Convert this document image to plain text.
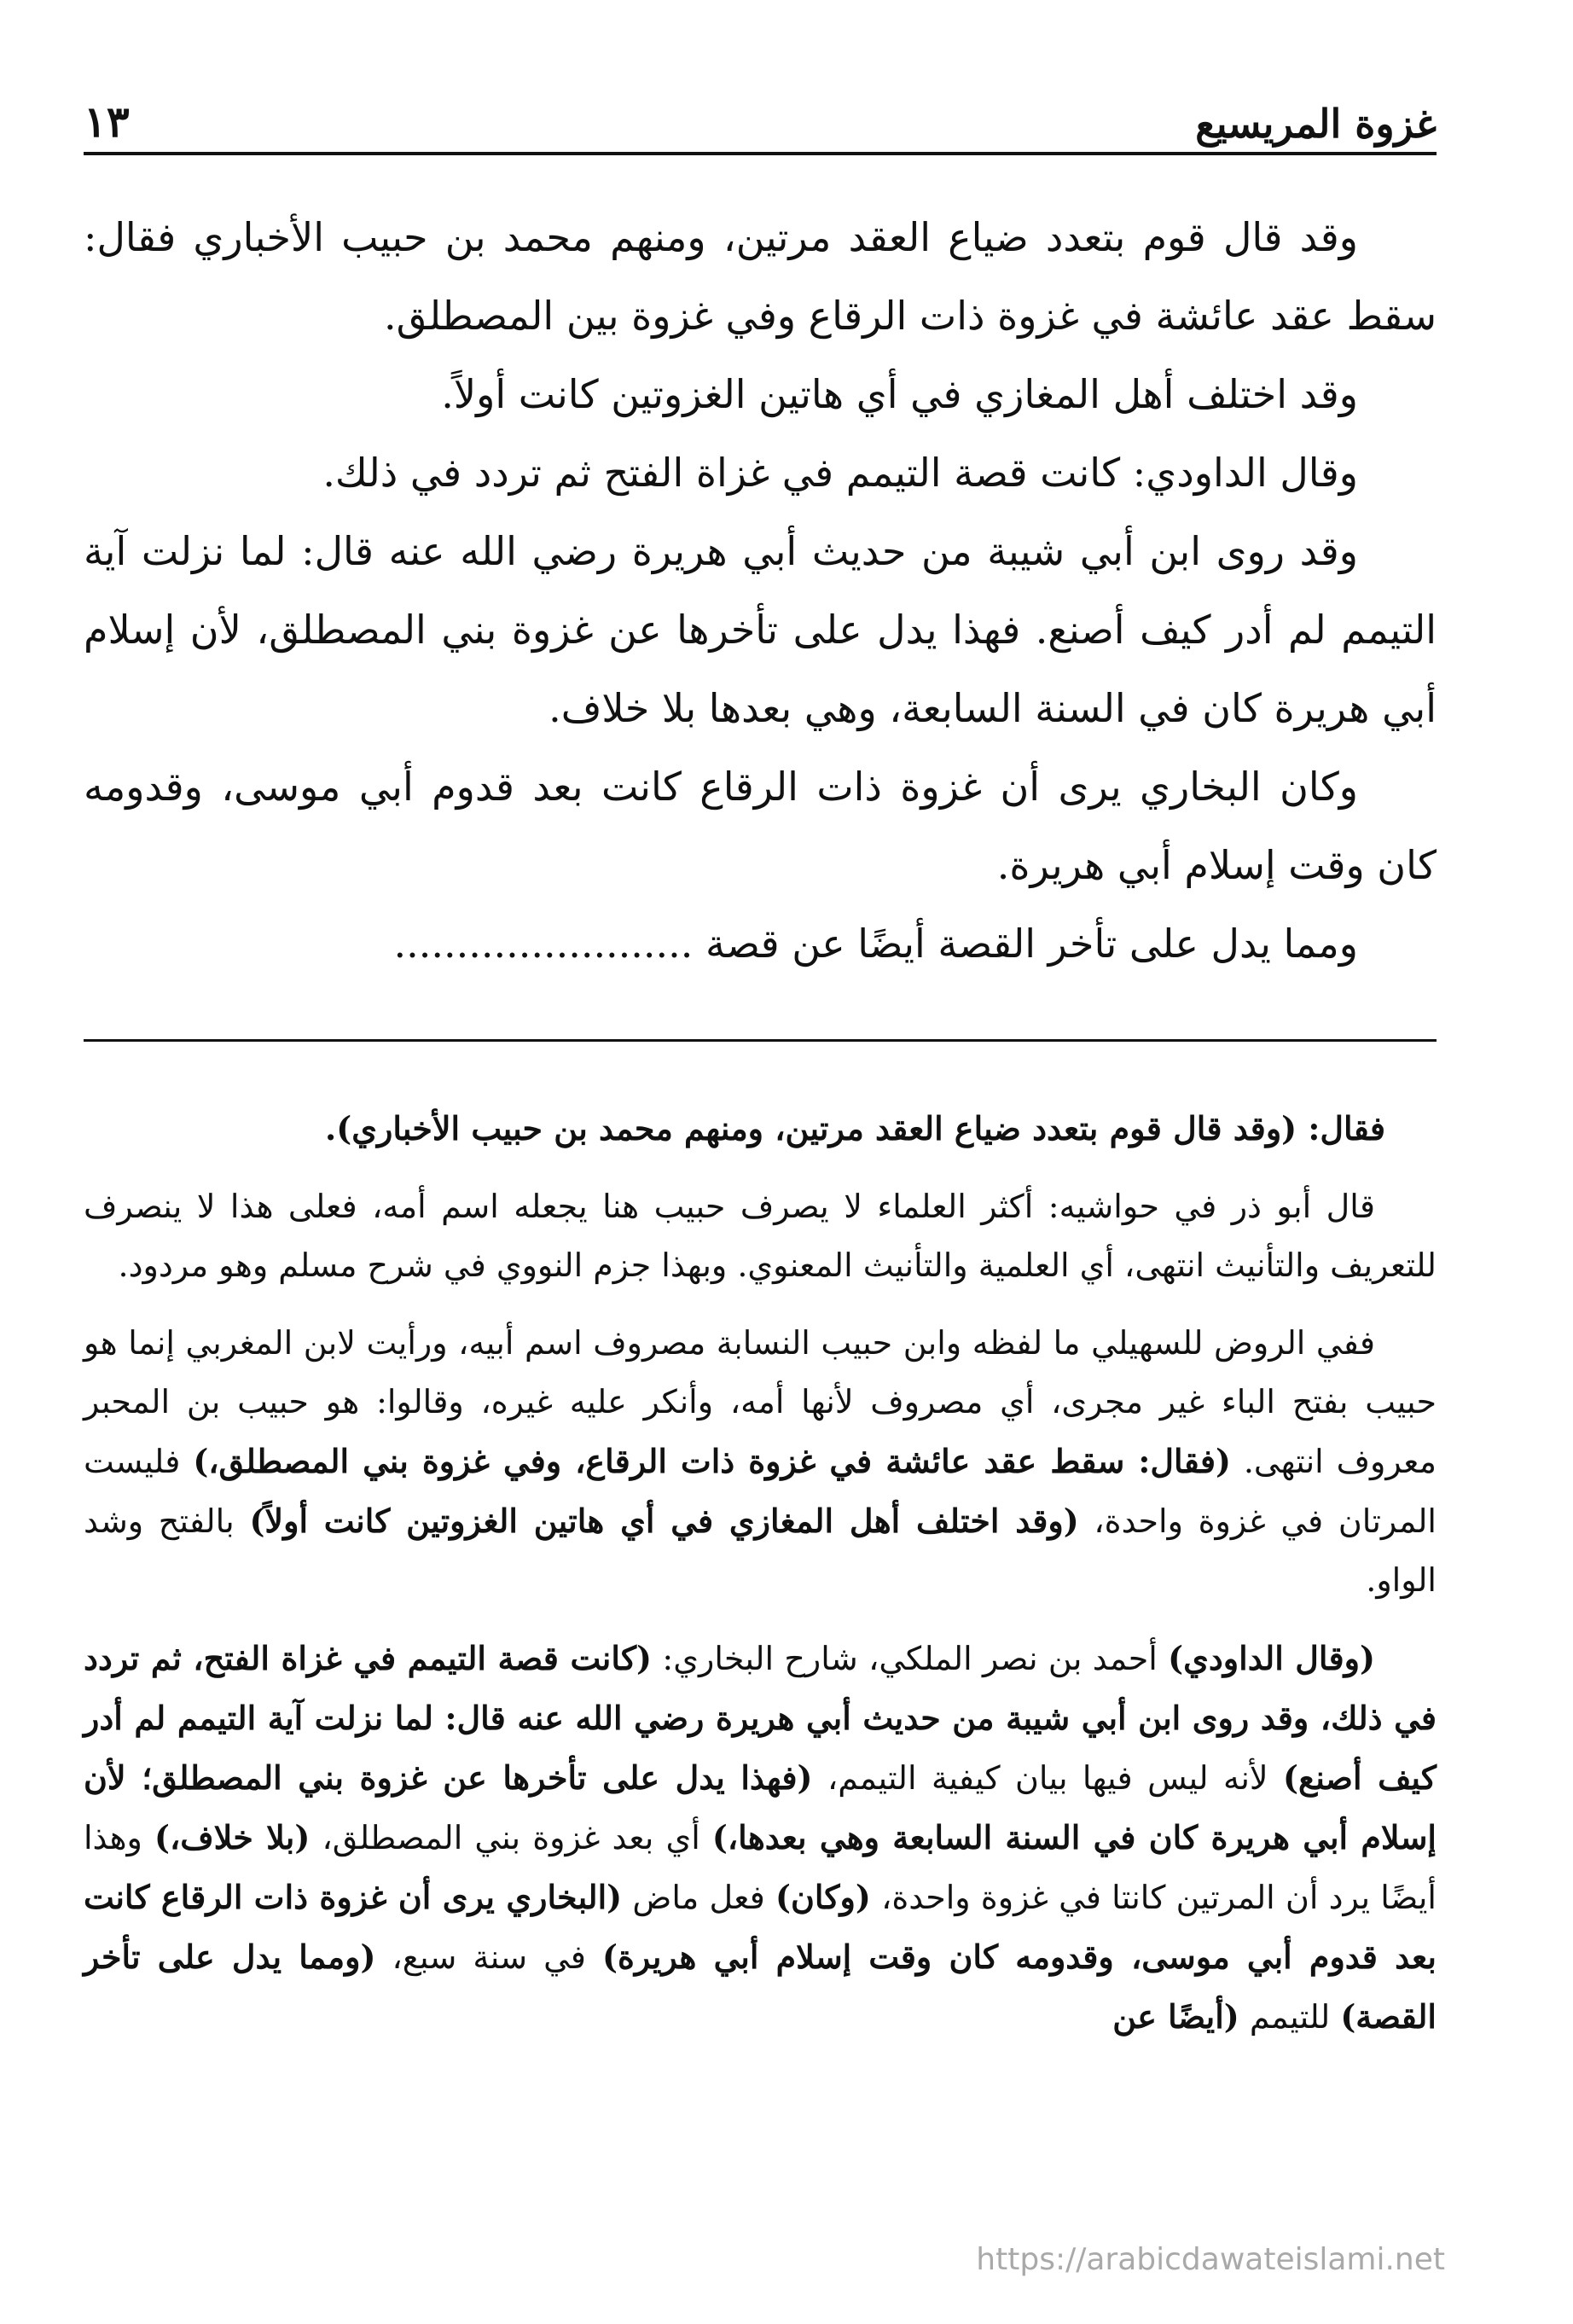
غزوة المريسيع
١٣

وقد قال قوم بتعدد ضياع العقد مرتين، ومنهم محمد بن حبيب الأخباري فقال: سقط عقد عائشة في غزوة ذات الرقاع وفي غزوة بين المصطلق.

وقد اختلف أهل المغازي في أي هاتين الغزوتين كانت أولاً.

وقال الداودي: كانت قصة التيمم في غزاة الفتح ثم تردد في ذلك.

وقد روى ابن أبي شيبة من حديث أبي هريرة رضي الله عنه قال: لما نزلت آية التيمم لم أدر كيف أصنع. فهذا يدل على تأخرها عن غزوة بني المصطلق، لأن إسلام أبي هريرة كان في السنة السابعة، وهي بعدها بلا خلاف.

وكان البخاري يرى أن غزوة ذات الرقاع كانت بعد قدوم أبي موسى، وقدومه كان وقت إسلام أبي هريرة.

ومما يدل على تأخر القصة أيضًا عن قصة ........................

فقال: (وقد قال قوم بتعدد ضياع العقد مرتين، ومنهم محمد بن حبيب الأخباري).

قال أبو ذر في حواشيه: أكثر العلماء لا يصرف حبيب هنا يجعله اسم أمه، فعلى هذا لا ينصرف للتعريف والتأنيث انتهى، أي العلمية والتأنيث المعنوي. وبهذا جزم النووي في شرح مسلم وهو مردود.

ففي الروض للسهيلي ما لفظه وابن حبيب النسابة مصروف اسم أبيه، ورأيت لابن المغربي إنما هو حبيب بفتح الباء غير مجرى، أي مصروف لأنها أمه، وأنكر عليه غيره، وقالوا: هو حبيب بن المحبر معروف انتهى. (فقال: سقط عقد عائشة في غزوة ذات الرقاع، وفي غزوة بني المصطلق،) فليست المرتان في غزوة واحدة، (وقد اختلف أهل المغازي في أي هاتين الغزوتين كانت أولاً) بالفتح وشد الواو.

(وقال الداودي) أحمد بن نصر الملكي، شارح البخاري: (كانت قصة التيمم في غزاة الفتح، ثم تردد في ذلك، وقد روى ابن أبي شيبة من حديث أبي هريرة رضي الله عنه قال: لما نزلت آية التيمم لم أدر كيف أصنع) لأنه ليس فيها بيان كيفية التيمم، (فهذا يدل على تأخرها عن غزوة بني المصطلق؛ لأن إسلام أبي هريرة كان في السنة السابعة وهي بعدها،) أي بعد غزوة بني المصطلق، (بلا خلاف،) وهذا أيضًا يرد أن المرتين كانتا في غزوة واحدة، (وكان) فعل ماض (البخاري يرى أن غزوة ذات الرقاع كانت بعد قدوم أبي موسى، وقدومه كان وقت إسلام أبي هريرة) في سنة سبع، (ومما يدل على تأخر القصة) للتيمم (أيضًا عن

https://arabicdawateislami.net
